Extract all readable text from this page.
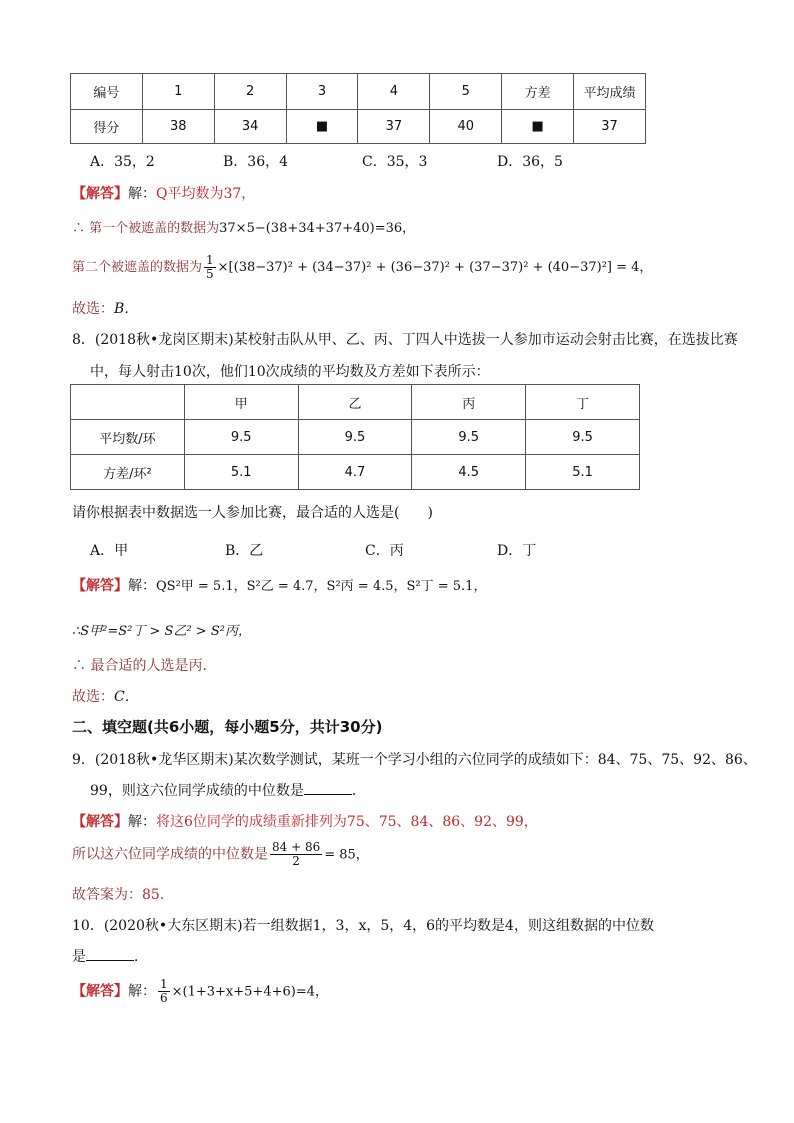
编号	1	2	3	4	5	方差	平均成绩
得分	38	34	■	37	40	■	37
A．35，2	B．36，4	C．35，3	D．36，5
【解答】解：Q平均数为37，
∴ 第一个被遮盖的数据为37×5−(38+34+37+40)=36，
第二个被遮盖的数据为 $\frac{1}{5} \times[(38-37)^2 + (34-37)^2 + (36-37)^2 + (37-37)^2 + (40-37)^2] = 4$，
故选：B．
8．(2018秋•龙岗区期末)某校射击队从甲、乙、丙、丁四人中选拔一人参加市运动会射击比赛，在选拔比赛
中，每人射击10次，他们10次成绩的平均数及方差如下表所示：
	甲	乙	丙	丁
平均数/环	9.5	9.5	9.5	9.5
方差/环²	5.1	4.7	4.5	5.1
请你根据表中数据选一人参加比赛，最合适的人选是(　　)
A．甲	B．乙	C．丙	D．丁
【解答】解：QS²甲 = 5.1，S²乙 = 4.7，S²丙 = 4.5，S²丁 = 5.1，
∴S甲²=S²丁 > S乙² > S²丙，
∴ 最合适的人选是丙．
故选：C．
二、填空题(共6小题，每小题5分，共计30分)
9．(2018秋•龙华区期末)某次数学测试，某班一个学习小组的六位同学的成绩如下：84、75、75、92、86、
99，则这六位同学成绩的中位数是	．
【解答】解：将这6位同学的成绩重新排列为75、75、84、86、92、99，
所以这六位同学成绩的中位数是 $\frac{84 + 86}{2} = 85$，
故答案为：85．
10．(2020秋•大东区期末)若一组数据1，3，x，5，4，6的平均数是4，则这组数据的中位数
是	．
【解答】解： $\frac{1}{6} \times(1+3+x+5+4+6)=4$，
